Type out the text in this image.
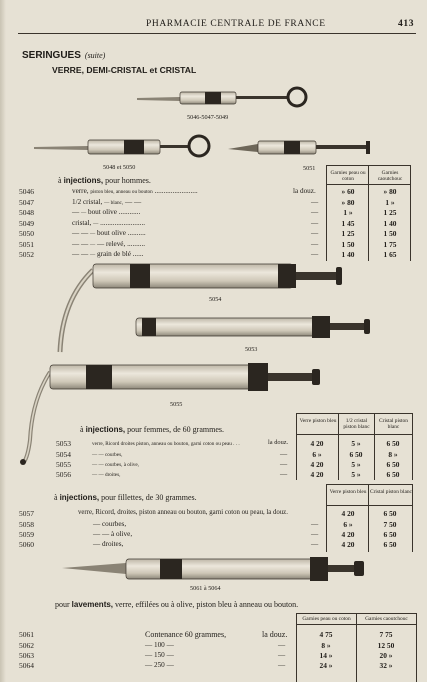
PHARMACIE CENTRALE DE FRANCE	413
SERINGUES (suite)
VERRE, DEMI-CRISTAL et CRISTAL
5046-5047-5049
5048 et 5050	5051
5054
5053
5055
5061 à 5064
à injections, pour hommes.
Garnies peau ou coton
Garnies caoutchouc
5046	verre, piston bleu, anneau ou bouton ........................	la douz.	» 60	» 80
5047	1/2 cristal, — blanc, — —	—	» 80	1 »
5048	— — bout olive ............	—	1 »	1 25
5049	cristal, — .........................	—	1 45	1 40
5050	— — — bout olive ..........	—	1 25	1 50
5051	— — — — relevé, ..........	—	1 50	1 75
5052	— — — grain de blé ......	—	1 40	1 65
à injections, pour femmes, de 60 grammes.
Verre piston bleu	1/2 cristal piston blanc
Cristal piston blanc
5053	verre, Ricord droites piston, anneau ou bouton, garni coton ou peau . . .	la douz.	4 20	5 »	6 50
5054	— — courbes,	—	6 »	6 50	8 »
5055	— — courbes, à olive,	—	4 20	5 »	6 50
5056	— — droites,	—	4 20	5 »	6 50
à injections, pour fillettes, de 30 grammes.
Verre piston bleu Cristal piston blanc
5057	verre, Ricord, droites, piston anneau ou bouton, garni coton ou peau, la douz.	4 20	6 50
5058	— courbes,	—	6 »	7 50
5059	— — à olive,	—	4 20	6 50
5060	— droites,	—	4 20	6 50
pour lavements, verre, effilées ou à olive, piston bleu à anneau ou bouton.
Garnies peau ou coton	Garnies caoutchouc
5061	Contenance 60 grammes,	la douz.	4 75	7 75
5062	— 100 —	—	8 »	12 50
5063	— 150 —	—	14 »	20 »
5064	— 250 —	—	24 »	32 »
